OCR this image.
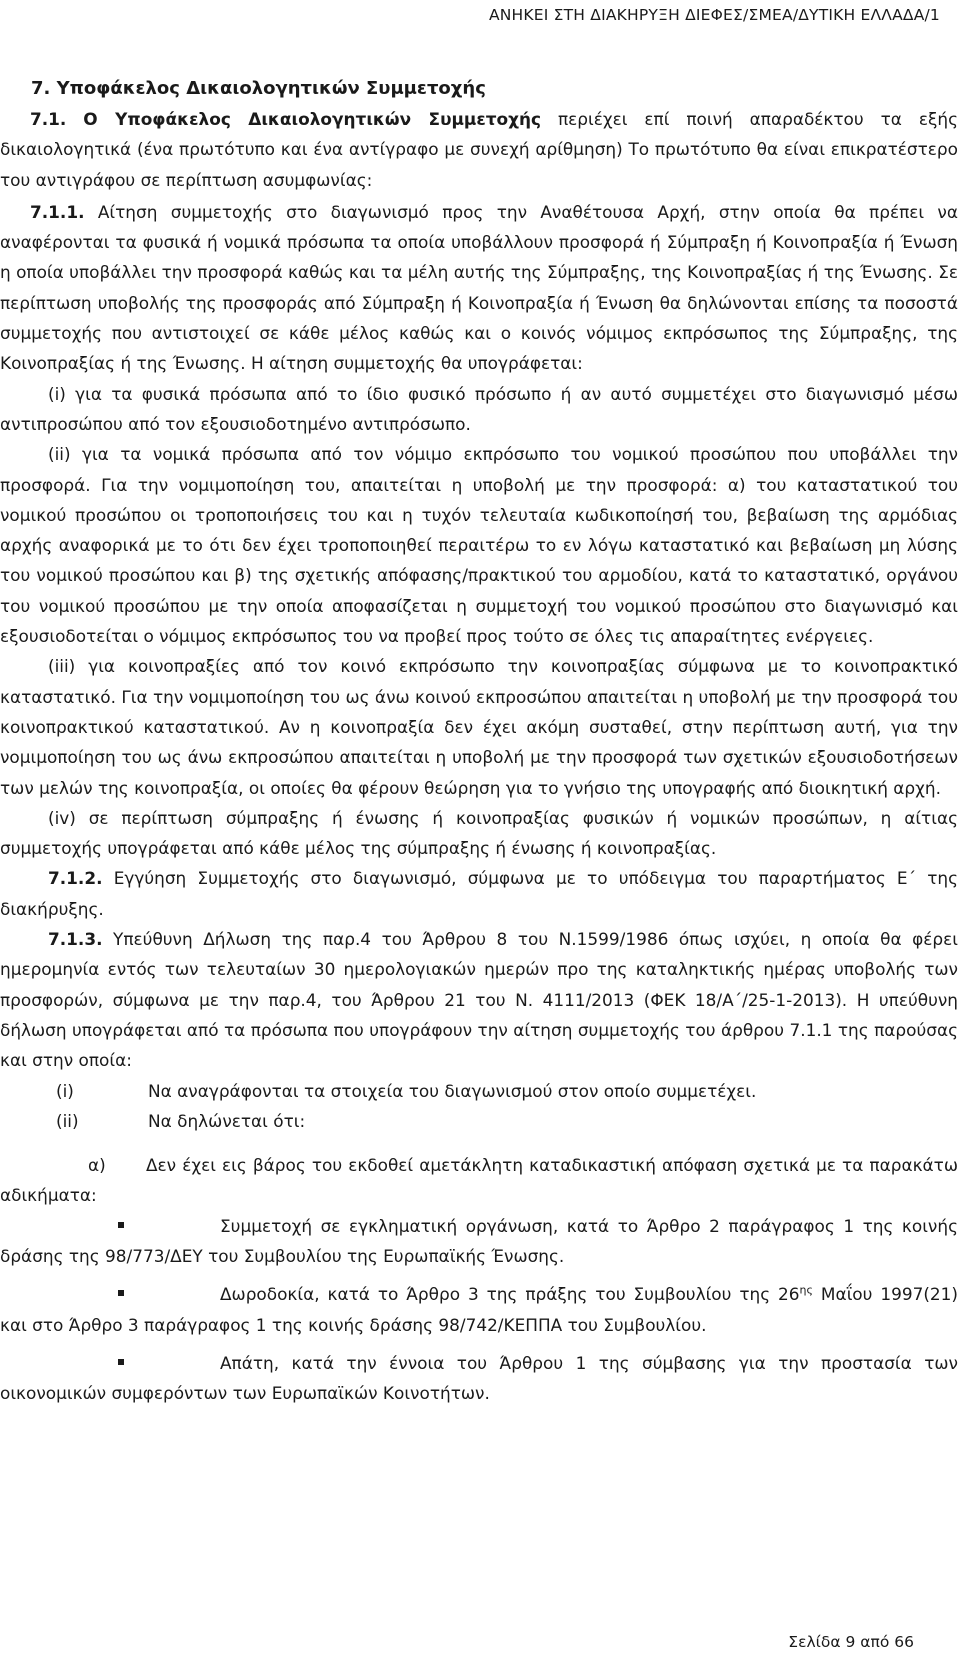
ΑΝΗΚΕΙ ΣΤΗ ΔΙΑΚΗΡΥΞΗ ΔΙΕΦΕΣ/ΣΜΕΑ/ΔΥΤΙΚΗ ΕΛΛΑΔΑ/1
7. Υποφάκελος Δικαιολογητικών Συμμετοχής

7.1. Ο Υποφάκελος Δικαιολογητικών Συμμετοχής περιέχει επί ποινή απαραδέκτου τα εξής δικαιολογητικά (ένα πρωτότυπο και ένα αντίγραφο με συνεχή αρίθμηση) Το πρωτότυπο θα είναι επικρατέστερο του αντιγράφου σε περίπτωση ασυμφωνίας:

7.1.1. Αίτηση συμμετοχής στο διαγωνισμό προς την Αναθέτουσα Αρχή, στην οποία θα πρέπει να αναφέρονται τα φυσικά ή νομικά πρόσωπα τα οποία υποβάλλουν προσφορά ή Σύμπραξη ή Κοινοπραξία ή Ένωση η οποία υποβάλλει την προσφορά καθώς και τα μέλη αυτής της Σύμπραξης, της Κοινοπραξίας ή της Ένωσης. Σε περίπτωση υποβολής της προσφοράς από Σύμπραξη ή Κοινοπραξία ή Ένωση θα δηλώνονται επίσης τα ποσοστά συμμετοχής που αντιστοιχεί σε κάθε μέλος καθώς και ο κοινός νόμιμος εκπρόσωπος της Σύμπραξης, της Κοινοπραξίας ή της Ένωσης. Η αίτηση συμμετοχής θα υπογράφεται:

(i) για τα φυσικά πρόσωπα από το ίδιο φυσικό πρόσωπο ή αν αυτό συμμετέχει στο διαγωνισμό μέσω αντιπροσώπου από τον εξουσιοδοτημένο αντιπρόσωπο.

(ii) για τα νομικά πρόσωπα από τον νόμιμο εκπρόσωπο του νομικού προσώπου που υποβάλλει την προσφορά. Για την νομιμοποίηση του, απαιτείται η υποβολή με την προσφορά: α) του καταστατικού του νομικού προσώπου οι τροποποιήσεις του και η τυχόν τελευταία κωδικοποίησή του, βεβαίωση της αρμόδιας αρχής αναφορικά με το ότι δεν έχει τροποποιηθεί περαιτέρω το εν λόγω καταστατικό και βεβαίωση μη λύσης του νομικού προσώπου και β) της σχετικής απόφασης/πρακτικού του αρμοδίου, κατά το καταστατικό, οργάνου του νομικού προσώπου με την οποία αποφασίζεται η συμμετοχή του νομικού προσώπου στο διαγωνισμό και εξουσιοδοτείται ο νόμιμος εκπρόσωπος του να προβεί προς τούτο σε όλες τις απαραίτητες ενέργειες.

(iii) για κοινοπραξίες από τον κοινό εκπρόσωπο την κοινοπραξίας σύμφωνα με το κοινοπρακτικό καταστατικό. Για την νομιμοποίηση του ως άνω κοινού εκπροσώπου απαιτείται η υποβολή με την προσφορά του κοινοπρακτικού καταστατικού. Αν η κοινοπραξία δεν έχει ακόμη συσταθεί, στην περίπτωση αυτή, για την νομιμοποίηση του ως άνω εκπροσώπου απαιτείται η υποβολή με την προσφορά των σχετικών εξουσιοδοτήσεων των μελών της κοινοπραξία, οι οποίες θα φέρουν θεώρηση για το γνήσιο της υπογραφής από διοικητική αρχή.

(iv) σε περίπτωση σύμπραξης ή ένωσης ή κοινοπραξίας φυσικών ή νομικών προσώπων, η αίτιας συμμετοχής υπογράφεται από κάθε μέλος της σύμπραξης ή ένωσης ή κοινοπραξίας.

7.1.2. Εγγύηση Συμμετοχής στο διαγωνισμό, σύμφωνα με το υπόδειγμα του παραρτήματος Ε΄ της διακήρυξης.

7.1.3. Υπεύθυνη Δήλωση της παρ.4 του Άρθρου 8 του Ν.1599/1986 όπως ισχύει, η οποία θα φέρει ημερομηνία εντός των τελευταίων 30 ημερολογιακών ημερών προ της καταληκτικής ημέρας υποβολής των προσφορών, σύμφωνα με την παρ.4, του Άρθρου 21 του Ν. 4111/2013 (ΦΕΚ 18/Α΄/25-1-2013). Η υπεύθυνη δήλωση υπογράφεται από τα πρόσωπα που υπογράφουν την αίτηση συμμετοχής του άρθρου 7.1.1 της παρούσας και στην οποία:

(i)	Να αναγράφονται τα στοιχεία του διαγωνισμού στον οποίο συμμετέχει.
(ii)	Να δηλώνεται ότι:

α) Δεν έχει εις βάρος του εκδοθεί αμετάκλητη καταδικαστική απόφαση σχετικά με τα παρακάτω αδικήματα:

Συμμετοχή σε εγκληματική οργάνωση, κατά το Άρθρο 2 παράγραφος 1 της κοινής δράσης της 98/773/ΔΕΥ του Συμβουλίου της Ευρωπαϊκής Ένωσης.

Δωροδοκία, κατά το Άρθρο 3 της πράξης του Συμβουλίου της $26^{\eta\varsigma}$ Μαΐου 1997(21) και στο Άρθρο 3 παράγραφος 1 της κοινής δράσης 98/742/ΚΕΠΠΑ του Συμβουλίου.

Απάτη, κατά την έννοια του Άρθρου 1 της σύμβασης για την προστασία των οικονομικών συμφερόντων των Ευρωπαϊκών Κοινοτήτων.

Σελίδα 9 από 66
